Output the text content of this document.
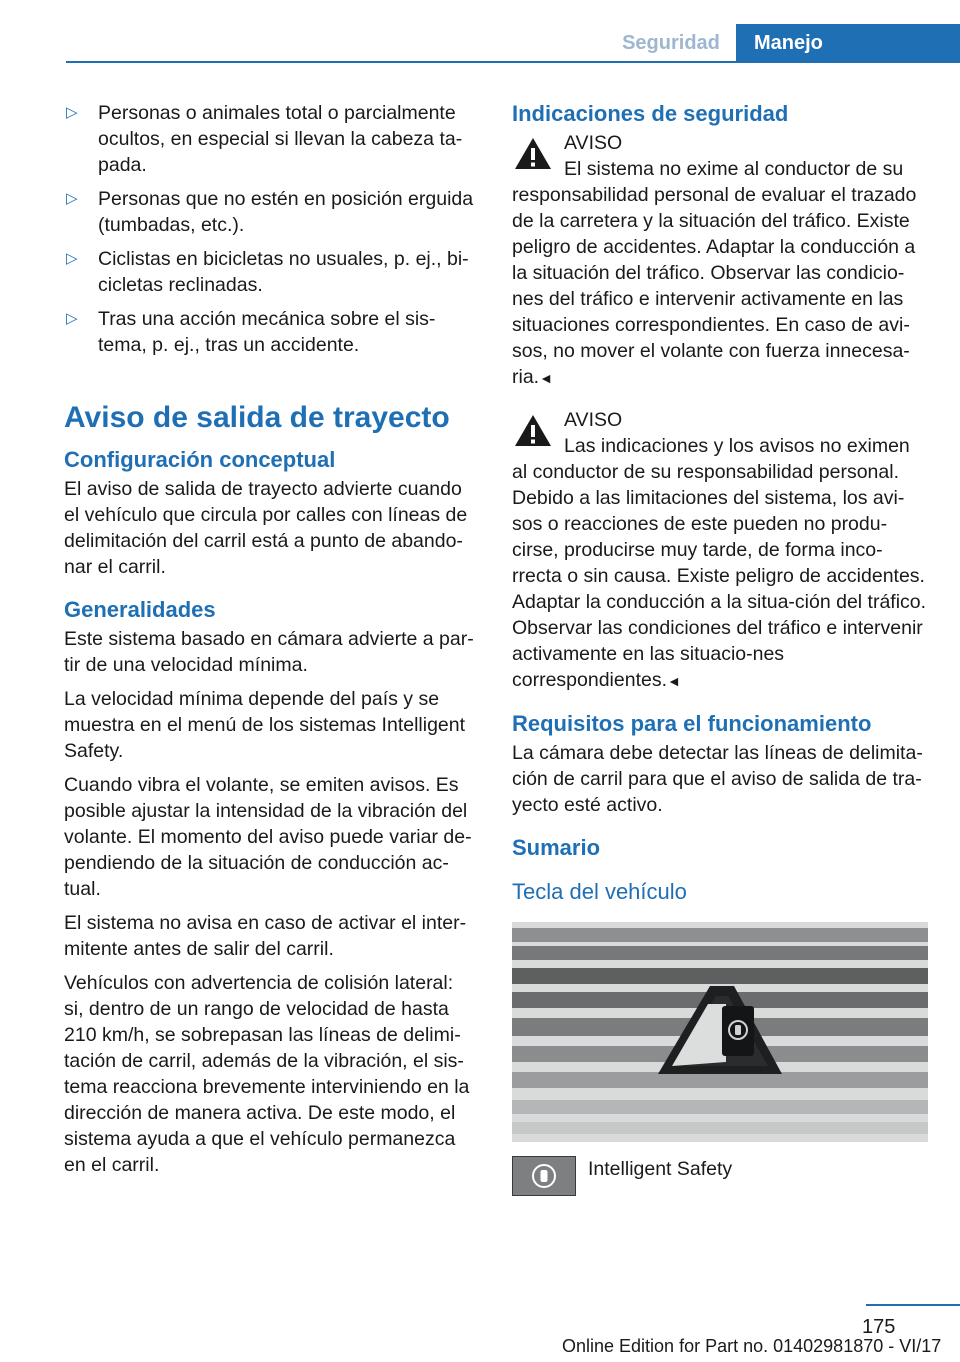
Seguridad	Manejo
▷ Personas o animales total o parcialmente ocultos, en especial si llevan la cabeza ta-pada.
▷ Personas que no estén en posición erguida (tumbadas, etc.).
▷ Ciclistas en bicicletas no usuales, p. ej., bi-cicletas reclinadas.
▷ Tras una acción mecánica sobre el sis-tema, p. ej., tras un accidente.
Aviso de salida de trayecto
Configuración conceptual

El aviso de salida de trayecto advierte cuando el vehículo que circula por calles con líneas de delimitación del carril está a punto de abando-nar el carril.

Generalidades

Este sistema basado en cámara advierte a par-tir de una velocidad mínima.

La velocidad mínima depende del país y se muestra en el menú de los sistemas Intelligent Safety.

Cuando vibra el volante, se emiten avisos. Es posible ajustar la intensidad de la vibración del volante. El momento del aviso puede variar de-pendiendo de la situación de conducción ac-tual.

El sistema no avisa en caso de activar el inter-mitente antes de salir del carril.

Vehículos con advertencia de colisión lateral: si, dentro de un rango de velocidad de hasta 210 km/h, se sobrepasan las líneas de delimi-tación de carril, además de la vibración, el sis-tema reacciona brevemente interviniendo en la dirección de manera activa. De este modo, el sistema ayuda a que el vehículo permanezca en el carril.

Indicaciones de seguridad
AVISO
El sistema no exime al conductor de su responsabilidad personal de evaluar el trazado de la carretera y la situación del tráfico. Existe peligro de accidentes. Adaptar la conducción a la situación del tráfico. Observar las condicio-nes del tráfico e intervenir activamente en las situaciones correspondientes. En caso de avi-sos, no mover el volante con fuerza innecesa-ria.◄
AVISO
Las indicaciones y los avisos no eximen al conductor de su responsabilidad personal. Debido a las limitaciones del sistema, los avi-sos o reacciones de este pueden no produ-cirse, producirse muy tarde, de forma inco-rrecta o sin causa. Existe peligro de accidentes. Adaptar la conducción a la situa-ción del tráfico. Observar las condiciones del tráfico e intervenir activamente en las situacio-nes correspondientes.◄
Requisitos para el funcionamiento

La cámara debe detectar las líneas de delimita-ción de carril para que el aviso de salida de tra-yecto esté activo.

Sumario
Tecla del vehículo
Intelligent Safety
175
Online Edition for Part no. 01402981870 - VI/17
